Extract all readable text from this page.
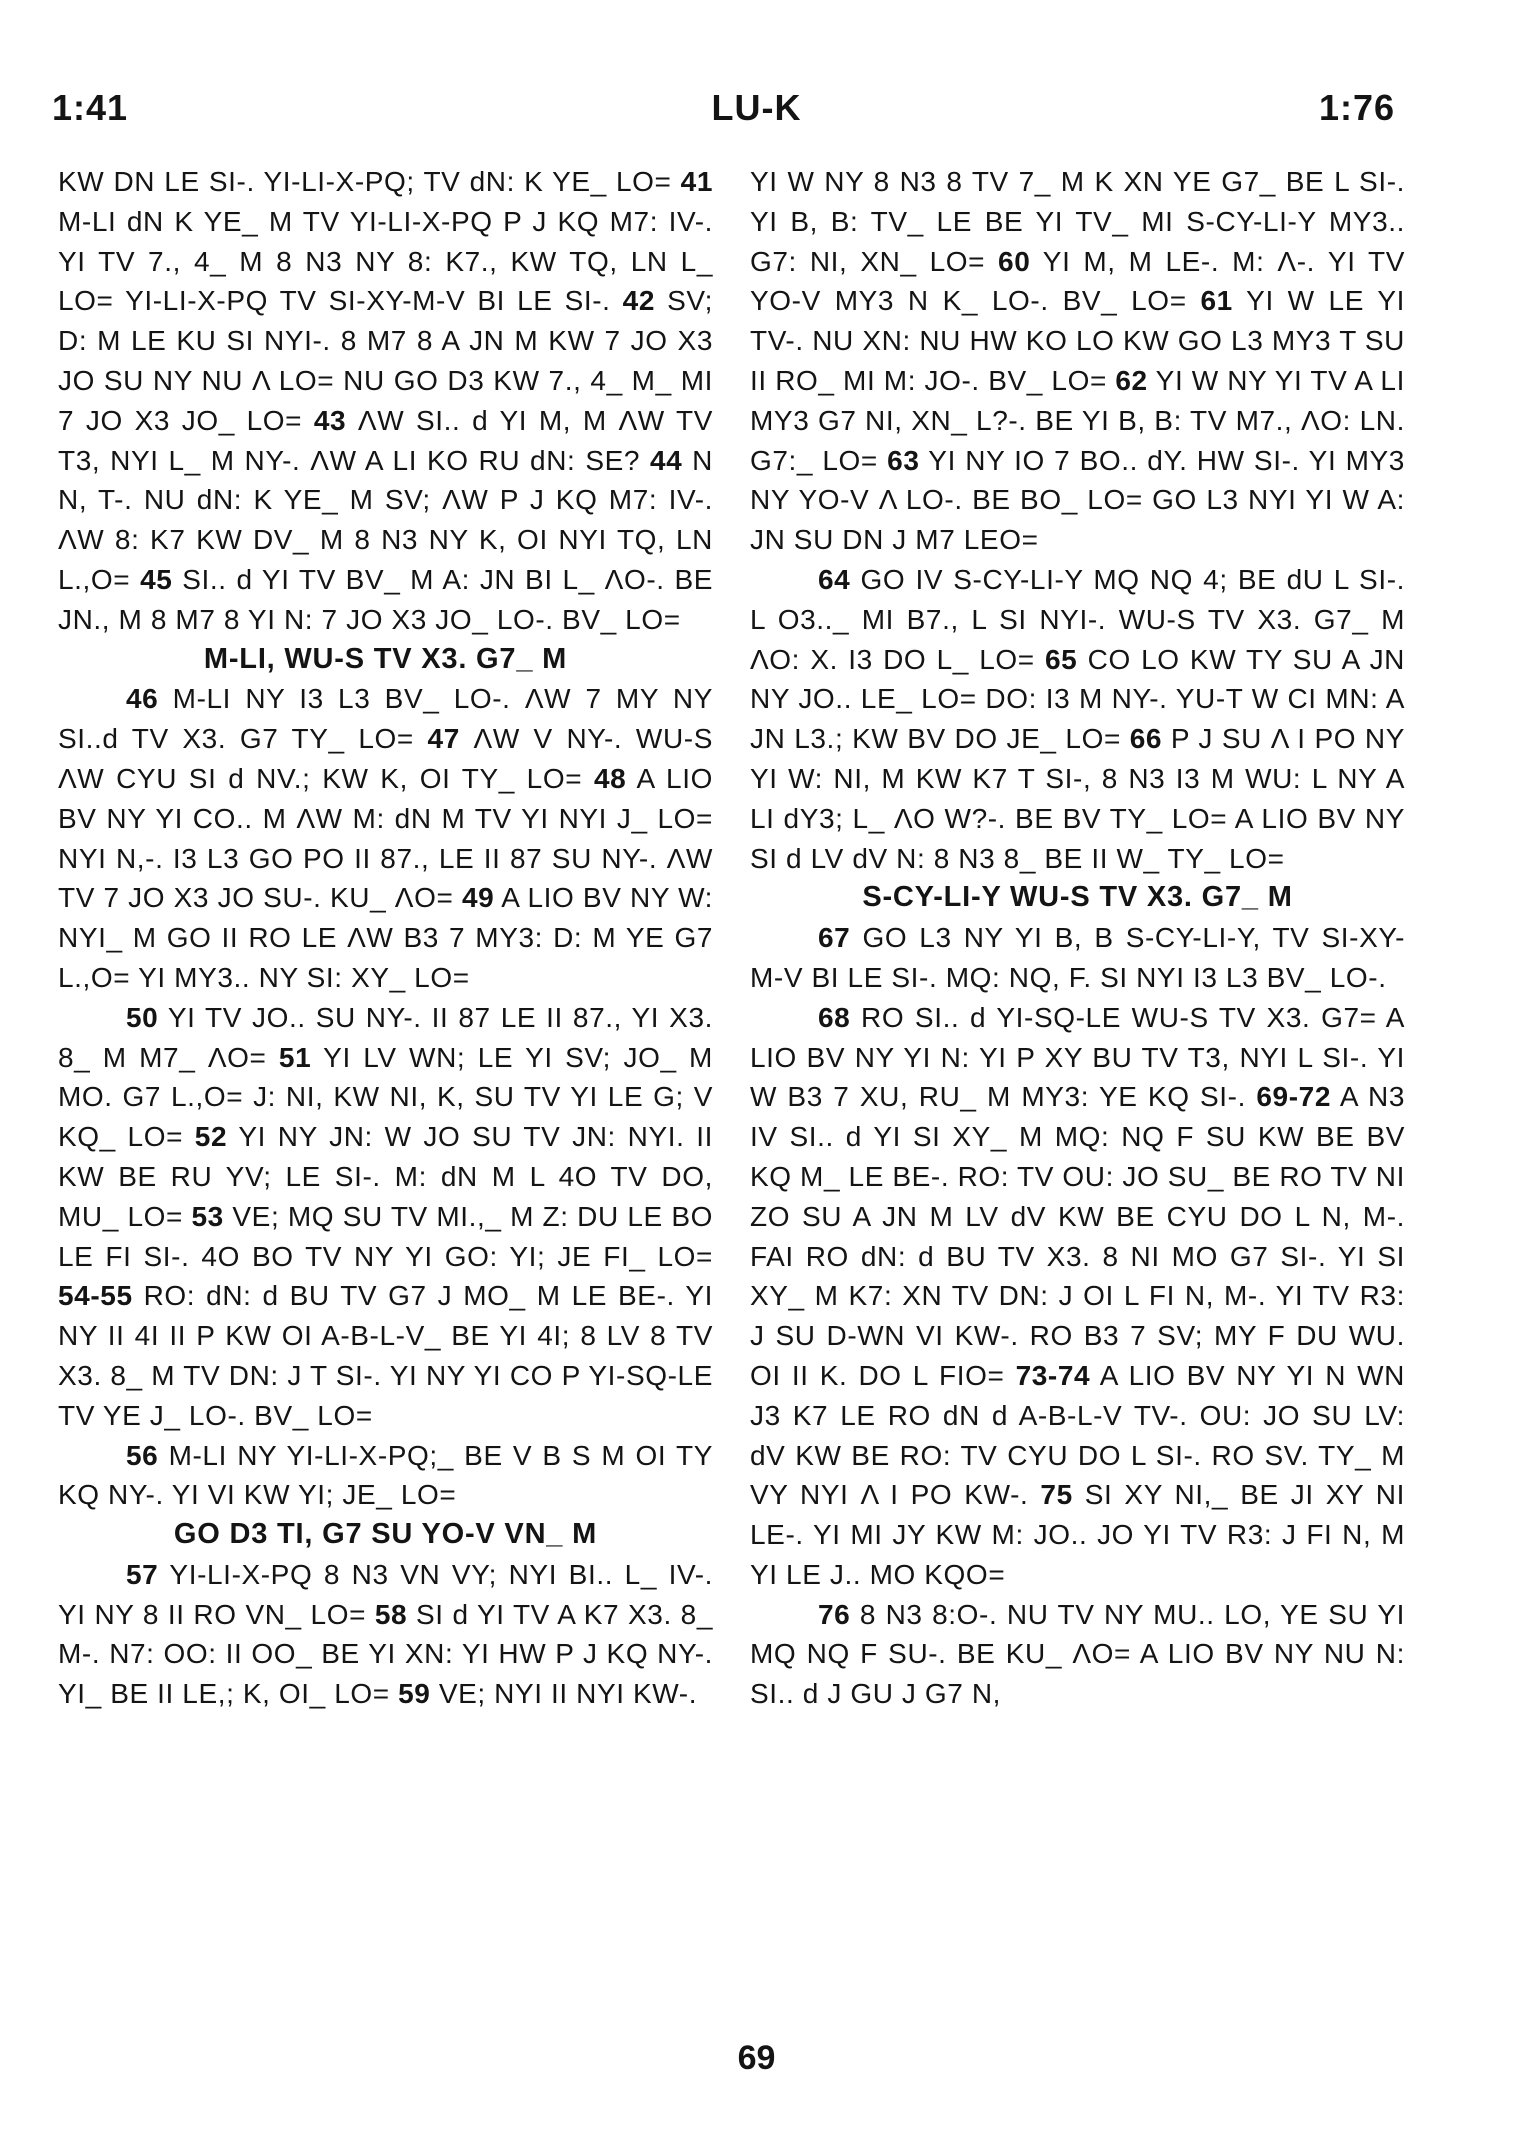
1:41	LU-K	1:76

KW DN LE SI-. YI-LI-X-PQ; TV dN: K YE_ LO= 41 M-LI dN K YE_ M TV YI-LI-X-PQ P J KQ M7: IV-. YI TV 7., 4_ M 8 N3 NY 8: K7., KW TQ, LN L_ LO= YI-LI-X-PQ TV SI-XY-M-V BI LE SI-. 42 SV; D: M LE KU SI NYI-. 8 M7 8 A JN M KW 7 JO X3 JO SU NY NU Λ LO= NU GO D3 KW 7., 4_ M_ MI 7 JO X3 JO_ LO= 43 ΛW SI.. d YI M, M ΛW TV T3, NYI L_ M NY-. ΛW A LI KO RU dN: SE? 44 N N, T-. NU dN: K YE_ M SV; ΛW P J KQ M7: IV-. ΛW 8: K7 KW DV_ M 8 N3 NY K, OI NYI TQ, LN L.,O= 45 SI.. d YI TV BV_ M A: JN BI L_ ΛO-. BE JN., M 8 M7 8 YI N: 7 JO X3 JO_ LO-. BV_ LO=

M-LI, WU-S TV X3. G7_ M

46 M-LI NY I3 L3 BV_ LO-. ΛW 7 MY NY SI..d TV X3. G7 TY_ LO= 47 ΛW V NY-. WU-S ΛW CYU SI d NV.; KW K, OI TY_ LO= 48 A LIO BV NY YI CO.. M ΛW M: dN M TV YI NYI J_ LO= NYI N,-. I3 L3 GO PO II 87., LE II 87 SU NY-. ΛW TV 7 JO X3 JO SU-. KU_ ΛO= 49 A LIO BV NY W: NYI_ M GO II RO LE ΛW B3 7 MY3: D: M YE G7 L.,O= YI MY3.. NY SI: XY_ LO=

50 YI TV JO.. SU NY-. II 87 LE II 87., YI X3. 8_ M M7_ ΛO= 51 YI LV WN; LE YI SV; JO_ M MO. G7 L.,O= J: NI, KW NI, K, SU TV YI LE G; V KQ_ LO= 52 YI NY JN: W JO SU TV JN: NYI. II KW BE RU YV; LE SI-. M: dN M L 4O TV DO, MU_ LO= 53 VE; MQ SU TV MI.,_ M Z: DU LE BO LE FI SI-. 4O BO TV NY YI GO: YI; JE FI_ LO= 54-55 RO: dN: d BU TV G7 J MO_ M LE BE-. YI NY II 4I II P KW OI A-B-L-V_ BE YI 4I; 8 LV 8 TV X3. 8_ M TV DN: J T SI-. YI NY YI CO P YI-SQ-LE TV YE J_ LO-. BV_ LO=

56 M-LI NY YI-LI-X-PQ;_ BE V B S M OI TY KQ NY-. YI VI KW YI; JE_ LO=

GO D3 TI, G7 SU YO-V VN_ M

57 YI-LI-X-PQ 8 N3 VN VY; NYI BI.. L_ IV-. YI NY 8 II RO VN_ LO= 58 SI d YI TV A K7 X3. 8_ M-. N7: OO: II OO_ BE YI XN: YI HW P J KQ NY-. YI_ BE II LE,; K, OI_ LO= 59 VE; NYI II NYI KW-.

YI W NY 8 N3 8 TV 7_ M K XN YE G7_ BE L SI-. YI B, B: TV_ LE BE YI TV_ MI S-CY-LI-Y MY3.. G7: NI, XN_ LO= 60 YI M, M LE-. M: Λ-. YI TV YO-V MY3 N K_ LO-. BV_ LO= 61 YI W LE YI TV-. NU XN: NU HW KO LO KW GO L3 MY3 T SU II RO_ MI M: JO-. BV_ LO= 62 YI W NY YI TV A LI MY3 G7 NI, XN_ L?-. BE YI B, B: TV M7., ΛO: LN. G7:_ LO= 63 YI NY IO 7 BO.. dY. HW SI-. YI MY3 NY YO-V Λ LO-. BE BO_ LO= GO L3 NYI YI W A: JN SU DN J M7 LEO=

64 GO IV S-CY-LI-Y MQ NQ 4; BE dU L SI-. L O3.._ MI B7., L SI NYI-. WU-S TV X3. G7_ M ΛO: X. I3 DO L_ LO= 65 CO LO KW TY SU A JN NY JO.. LE_ LO= DO: I3 M NY-. YU-T W CI MN: A JN L3.; KW BV DO JE_ LO= 66 P J SU Λ I PO NY YI W: NI, M KW K7 T SI-, 8 N3 I3 M WU: L NY A LI dY3; L_ ΛO W?-. BE BV TY_ LO= A LIO BV NY SI d LV dV N: 8 N3 8_ BE II W_ TY_ LO=

S-CY-LI-Y WU-S TV X3. G7_ M

67 GO L3 NY YI B, B S-CY-LI-Y, TV SI-XY-M-V BI LE SI-. MQ: NQ, F. SI NYI I3 L3 BV_ LO-.

68 RO SI.. d YI-SQ-LE WU-S TV X3. G7= A LIO BV NY YI N: YI P XY BU TV T3, NYI L SI-. YI W B3 7 XU, RU_ M MY3: YE KQ SI-. 69-72 A N3 IV SI.. d YI SI XY_ M MQ: NQ F SU KW BE BV KQ M_ LE BE-. RO: TV OU: JO SU_ BE RO TV NI ZO SU A JN M LV dV KW BE CYU DO L N, M-. FAI RO dN: d BU TV X3. 8 NI MO G7 SI-. YI SI XY_ M K7: XN TV DN: J OI L FI N, M-. YI TV R3: J SU D-WN VI KW-. RO B3 7 SV; MY F DU WU. OI II K. DO L FIO= 73-74 A LIO BV NY YI N WN J3 K7 LE RO dN d A-B-L-V TV-. OU: JO SU LV: dV KW BE RO: TV CYU DO L SI-. RO SV. TY_ M VY NYI Λ I PO KW-. 75 SI XY NI,_ BE JI XY NI LE-. YI MI JY KW M: JO.. JO YI TV R3: J FI N, M YI LE J.. MO KQO=

76 8 N3 8:O-. NU TV NY MU.. LO, YE SU YI MQ NQ F SU-. BE KU_ ΛO= A LIO BV NY NU N: SI.. d J GU J G7 N,

69
